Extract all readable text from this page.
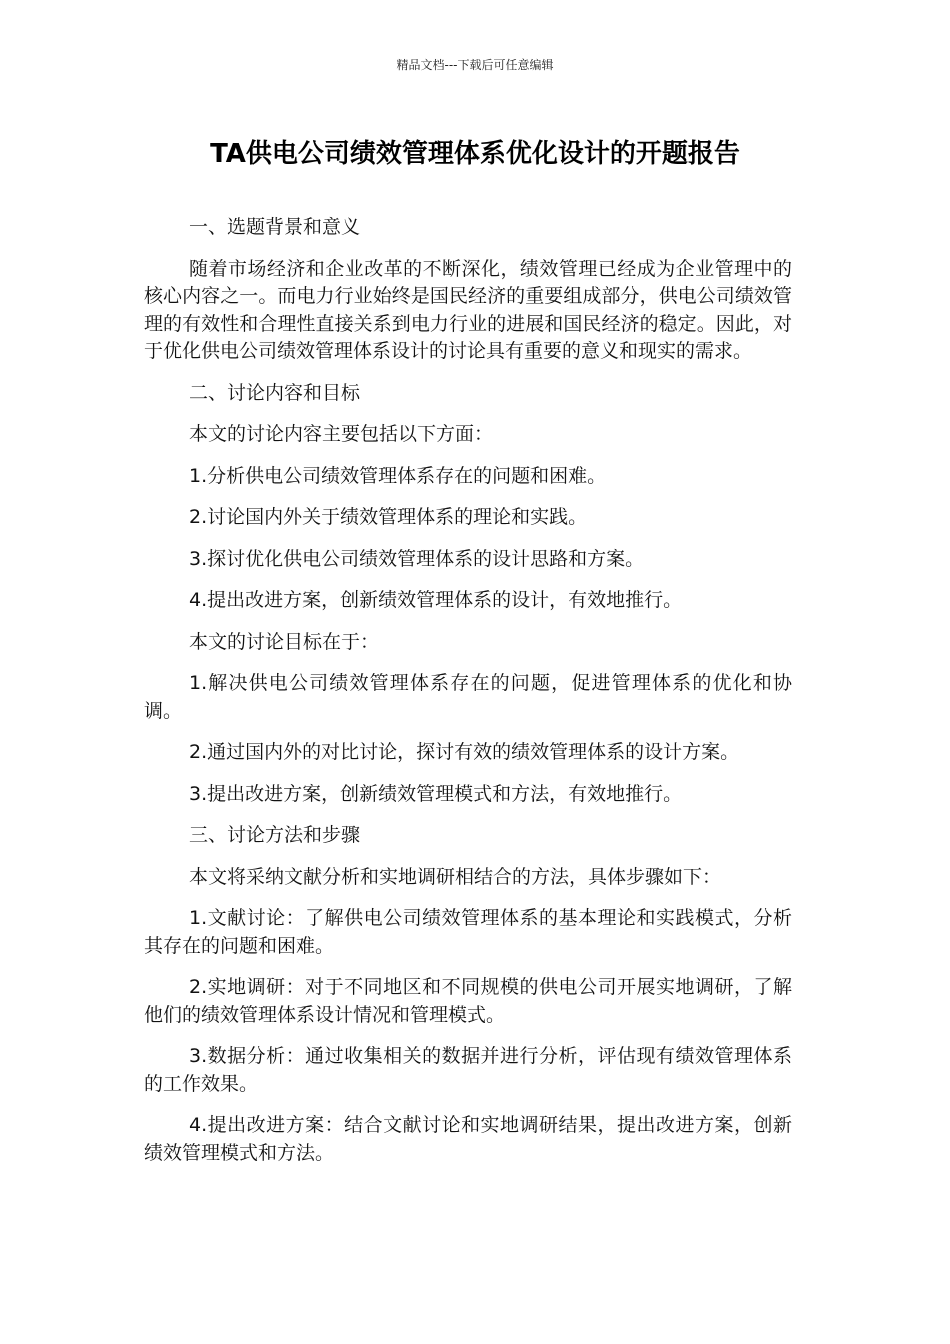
精品文档---下载后可任意编辑
TA供电公司绩效管理体系优化设计的开题报告

一、选题背景和意义

随着市场经济和企业改革的不断深化，绩效管理已经成为企业管理中的核心内容之一。而电力行业始终是国民经济的重要组成部分，供电公司绩效管理的有效性和合理性直接关系到电力行业的进展和国民经济的稳定。因此，对于优化供电公司绩效管理体系设计的讨论具有重要的意义和现实的需求。

二、讨论内容和目标

本文的讨论内容主要包括以下方面：

1.分析供电公司绩效管理体系存在的问题和困难。

2.讨论国内外关于绩效管理体系的理论和实践。

3.探讨优化供电公司绩效管理体系的设计思路和方案。

4.提出改进方案，创新绩效管理体系的设计，有效地推行。

本文的讨论目标在于：

1.解决供电公司绩效管理体系存在的问题，促进管理体系的优化和协调。

2.通过国内外的对比讨论，探讨有效的绩效管理体系的设计方案。

3.提出改进方案，创新绩效管理模式和方法，有效地推行。

三、讨论方法和步骤

本文将采纳文献分析和实地调研相结合的方法，具体步骤如下：

1.文献讨论：了解供电公司绩效管理体系的基本理论和实践模式，分析其存在的问题和困难。

2.实地调研：对于不同地区和不同规模的供电公司开展实地调研，了解他们的绩效管理体系设计情况和管理模式。

3.数据分析：通过收集相关的数据并进行分析，评估现有绩效管理体系的工作效果。

4.提出改进方案：结合文献讨论和实地调研结果，提出改进方案，创新绩效管理模式和方法。
